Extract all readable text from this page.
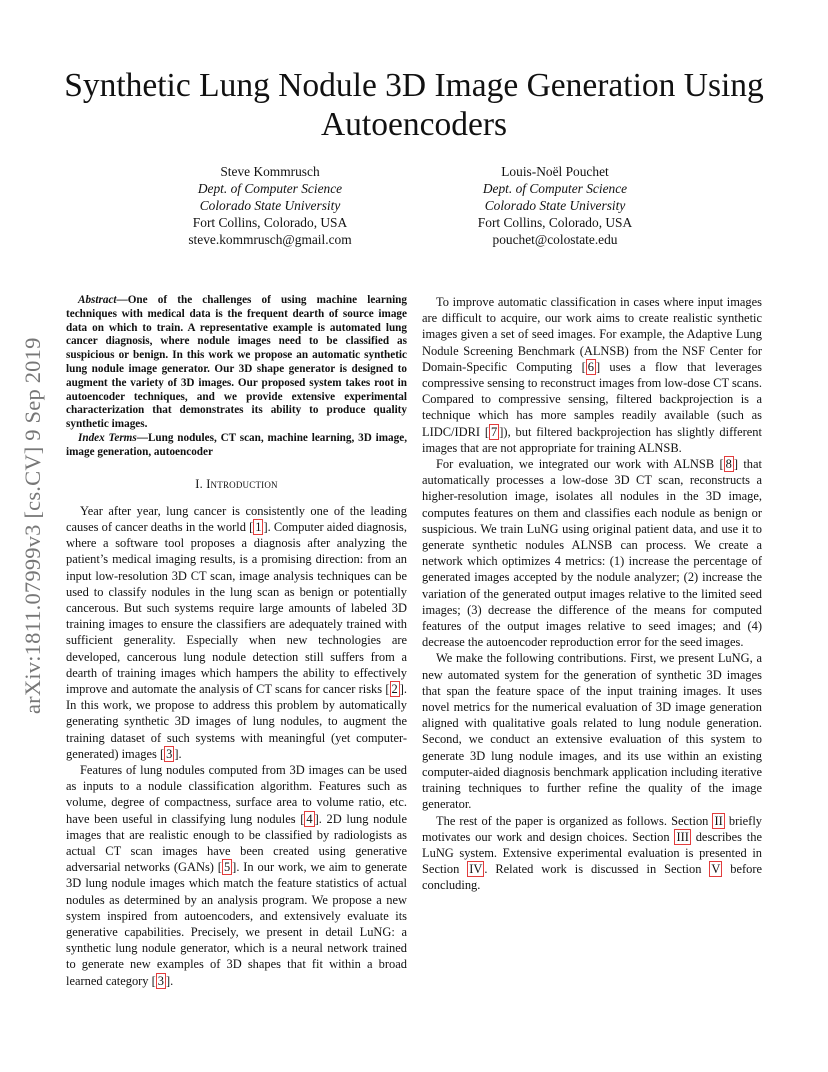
arXiv:1811.07999v3 [cs.CV] 9 Sep 2019
Synthetic Lung Nodule 3D Image Generation Using Autoencoders
Steve Kommrusch
Dept. of Computer Science
Colorado State University
Fort Collins, Colorado, USA
steve.kommrusch@gmail.com
Louis-Noël Pouchet
Dept. of Computer Science
Colorado State University
Fort Collins, Colorado, USA
pouchet@colostate.edu

Abstract—One of the challenges of using machine learning techniques with medical data is the frequent dearth of source image data on which to train. A representative example is automated lung cancer diagnosis, where nodule images need to be classified as suspicious or benign. In this work we propose an automatic synthetic lung nodule image generator. Our 3D shape generator is designed to augment the variety of 3D images. Our proposed system takes root in autoencoder techniques, and we provide extensive experimental characterization that demonstrates its ability to produce quality synthetic images.

Index Terms—Lung nodules, CT scan, machine learning, 3D image, image generation, autoencoder

I. Introduction

Year after year, lung cancer is consistently one of the leading causes of cancer deaths in the world [ 1 ]. Computer aided diagnosis, where a software tool proposes a diagnosis after analyzing the patient’s medical imaging results, is a promising direction: from an input low-resolution 3D CT scan, image analysis techniques can be used to classify nodules in the lung scan as benign or potentially cancerous. But such systems require large amounts of labeled 3D training images to ensure the classifiers are adequately trained with sufficient generality. Especially when new technologies are developed, cancerous lung nodule detection still suffers from a dearth of training images which hampers the ability to effectively improve and automate the analysis of CT scans for cancer risks [ 2 ]. In this work, we propose to address this problem by automatically generating synthetic 3D images of lung nodules, to augment the training dataset of such systems with meaningful (yet computer-generated) images [ 3 ].

Features of lung nodules computed from 3D images can be used as inputs to a nodule classification algorithm. Features such as volume, degree of compactness, surface area to volume ratio, etc. have been useful in classifying lung nodules [ 4 ]. 2D lung nodule images that are realistic enough to be classified by radiologists as actual CT scan images have been created using generative adversarial networks (GANs) [ 5 ]. In our work, we aim to generate 3D lung nodule images which match the feature statistics of actual nodules as determined by an analysis program. We propose a new system inspired from autoencoders, and extensively evaluate its generative capabilities. Precisely, we present in detail LuNG: a synthetic lung nodule generator, which is a neural network trained to generate new examples of 3D shapes that fit within a broad learned category [ 3 ].

To improve automatic classification in cases where input images are difficult to acquire, our work aims to create realistic synthetic images given a set of seed images. For example, the Adaptive Lung Nodule Screening Benchmark (ALNSB) from the NSF Center for Domain-Specific Computing [ 6 ] uses a flow that leverages compressive sensing to reconstruct images from low-dose CT scans. Compared to compressive sensing, filtered backprojection is a technique which has more samples readily available (such as LIDC/IDRI [ 7 ]), but filtered backprojection has slightly different images that are not appropriate for training ALNSB.

For evaluation, we integrated our work with ALNSB [ 8 ] that automatically processes a low-dose 3D CT scan, reconstructs a higher-resolution image, isolates all nodules in the 3D image, computes features on them and classifies each nodule as benign or suspicious. We train LuNG using original patient data, and use it to generate synthetic nodules ALNSB can process. We create a network which optimizes 4 metrics: (1) increase the percentage of generated images accepted by the nodule analyzer; (2) increase the variation of the generated output images relative to the limited seed images; (3) decrease the difference of the means for computed features of the output images relative to seed images; and (4) decrease the autoencoder reproduction error for the seed images.

We make the following contributions. First, we present LuNG, a new automated system for the generation of synthetic 3D images that span the feature space of the input training images. It uses novel metrics for the numerical evaluation of 3D image generation aligned with qualitative goals related to lung nodule generation. Second, we conduct an extensive evaluation of this system to generate 3D lung nodule images, and its use within an existing computer-aided diagnosis benchmark application including iterative training techniques to further refine the quality of the image generator.

The rest of the paper is organized as follows. Section II briefly motivates our work and design choices. Section III describes the LuNG system. Extensive experimental evaluation is presented in Section IV . Related work is discussed in Section V before concluding.
